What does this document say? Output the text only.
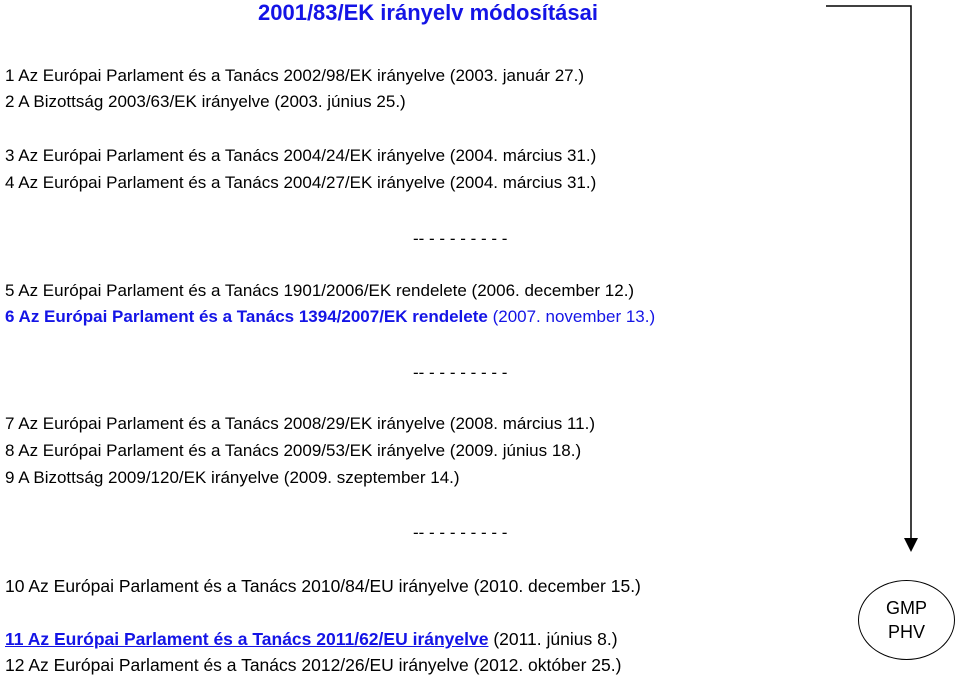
2001/83/EK irányelv módosításai
1 Az Európai Parlament és a Tanács 2002/98/EK irányelve (2003. január 27.)
2 A Bizottság 2003/63/EK irányelve (2003. június 25.)
3 Az Európai Parlament és a Tanács 2004/24/EK irányelve (2004. március 31.)
4 Az Európai Parlament és a Tanács 2004/27/EK irányelve (2004. március 31.)
-- - - - - - - - -
5 Az Európai Parlament és a Tanács 1901/2006/EK rendelete (2006. december 12.)
6 Az Európai Parlament és a Tanács 1394/2007/EK rendelete (2007. november 13.)
-- - - - - - - - -
7 Az Európai Parlament és a Tanács 2008/29/EK irányelve (2008. március 11.)
8 Az Európai Parlament és a Tanács 2009/53/EK irányelve (2009. június 18.)
9 A Bizottság 2009/120/EK irányelve (2009. szeptember 14.)
-- - - - - - - - -
10 Az Európai Parlament és a Tanács 2010/84/EU irányelve (2010. december 15.)
11 Az Európai Parlament és a Tanács 2011/62/EU irányelve (2011. június 8.)
12 Az Európai Parlament és a Tanács 2012/26/EU irányelve (2012. október 25.)
GMP
PHV
